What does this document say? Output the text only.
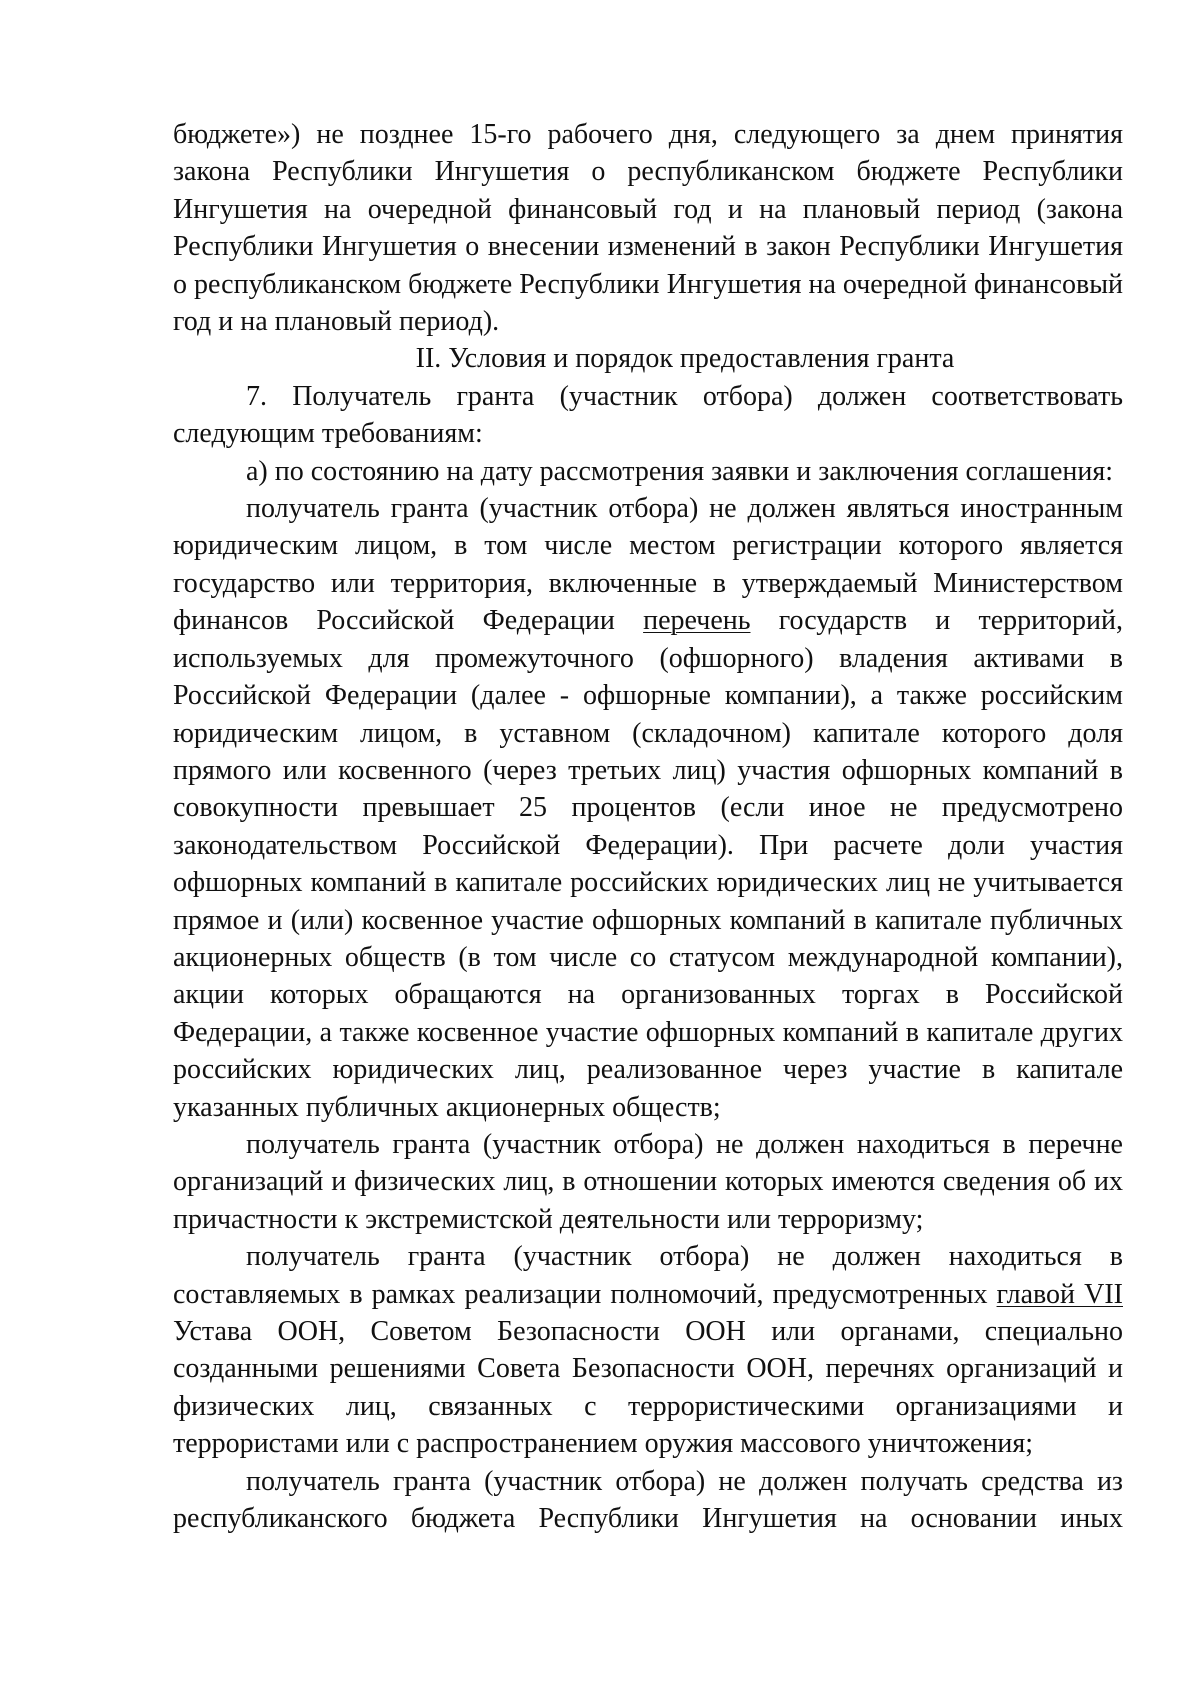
бюджете») не позднее 15-го рабочего дня, следующего за днем принятия закона Республики Ингушетия о республиканском бюджете Республики Ингушетия на очередной финансовый год и на плановый период (закона Республики Ингушетия о внесении изменений в закон Республики Ингушетия о республиканском бюджете Республики Ингушетия на очередной финансовый год и на плановый период).

II. Условия и порядок предоставления гранта

7. Получатель гранта (участник отбора) должен соответствовать следующим требованиям:

а) по состоянию на дату рассмотрения заявки и заключения соглашения:

получатель гранта (участник отбора) не должен являться иностранным юридическим лицом, в том числе местом регистрации которого является государство или территория, включенные в утверждаемый Министерством финансов Российской Федерации перечень государств и территорий, используемых для промежуточного (офшорного) владения активами в Российской Федерации (далее - офшорные компании), а также российским юридическим лицом, в уставном (складочном) капитале которого доля прямого или косвенного (через третьих лиц) участия офшорных компаний в совокупности превышает 25 процентов (если иное не предусмотрено законодательством Российской Федерации). При расчете доли участия офшорных компаний в капитале российских юридических лиц не учитывается прямое и (или) косвенное участие офшорных компаний в капитале публичных акционерных обществ (в том числе со статусом международной компании), акции которых обращаются на организованных торгах в Российской Федерации, а также косвенное участие офшорных компаний в капитале других российских юридических лиц, реализованное через участие в капитале указанных публичных акционерных обществ;

получатель гранта (участник отбора) не должен находиться в перечне организаций и физических лиц, в отношении которых имеются сведения об их причастности к экстремистской деятельности или терроризму;

получатель гранта (участник отбора) не должен находиться в составляемых в рамках реализации полномочий, предусмотренных главой VII Устава ООН, Советом Безопасности ООН или органами, специально созданными решениями Совета Безопасности ООН, перечнях организаций и физических лиц, связанных с террористическими организациями и террористами или с распространением оружия массового уничтожения;

получатель гранта (участник отбора) не должен получать средства из республиканского бюджета Республики Ингушетия на основании иных
